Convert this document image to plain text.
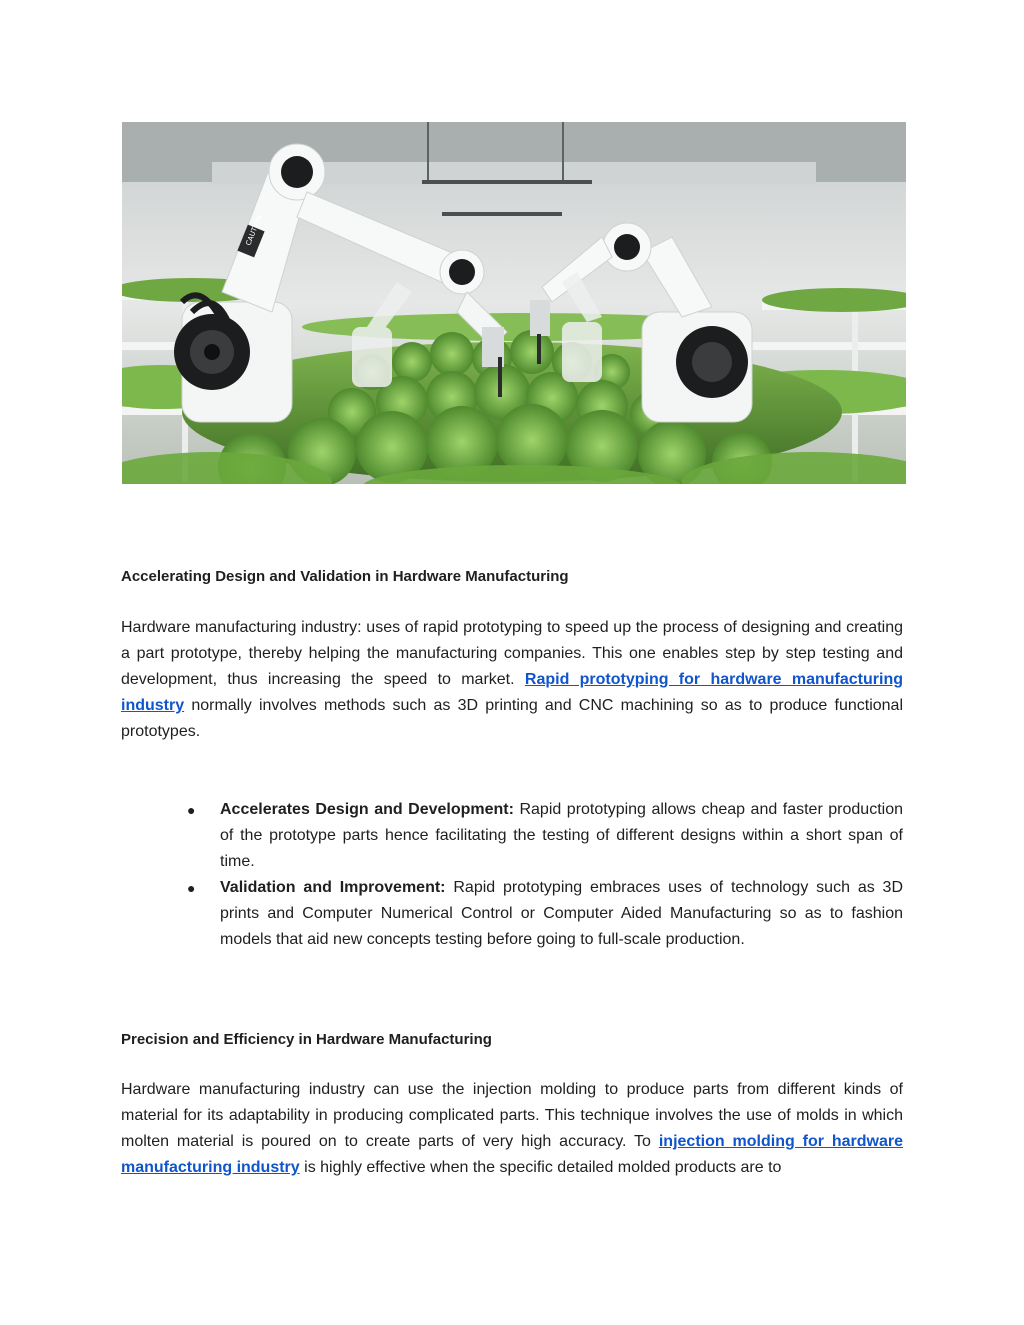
CAUTION
Accelerating Design and Validation in Hardware Manufacturing

Hardware manufacturing industry: uses of rapid prototyping to speed up the process of designing and creating a part prototype, thereby helping the manufacturing companies. This one enables step by step testing and development, thus increasing the speed to market. Rapid prototyping for hardware manufacturing industry normally involves methods such as 3D printing and CNC machining so as to produce functional prototypes.

● Accelerates Design and Development: Rapid prototyping allows cheap and faster production of the prototype parts hence facilitating the testing of different designs within a short span of time.
● Validation and Improvement: Rapid prototyping embraces uses of technology such as 3D prints and Computer Numerical Control or Computer Aided Manufacturing so as to fashion models that aid new concepts testing before going to full-scale production.
Precision and Efficiency in Hardware Manufacturing

Hardware manufacturing industry can use the injection molding to produce parts from different kinds of material for its adaptability in producing complicated parts. This technique involves the use of molds in which molten material is poured on to create parts of very high accuracy. To injection molding for hardware manufacturing industry is highly effective when the specific detailed molded products are to
